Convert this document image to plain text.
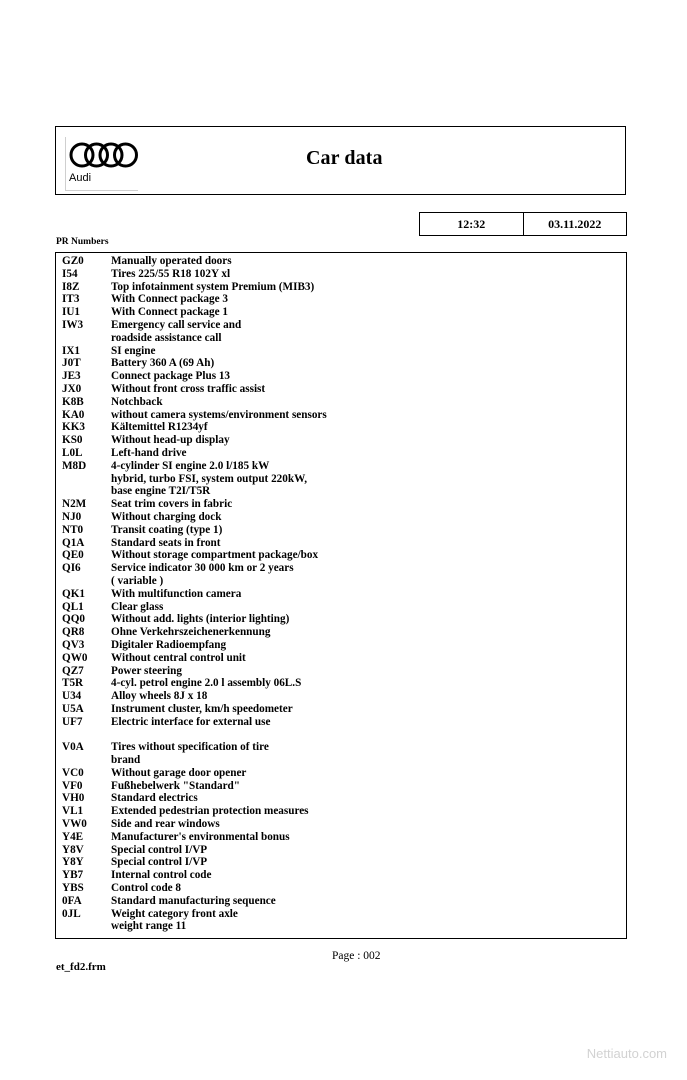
Audi
Car data
12:32	03.11.2022
PR Numbers
GZ0	Manually operated doors
I54	Tires 225/55 R18 102Y xl
I8Z	Top infotainment system Premium (MIB3)
IT3	With Connect package 3
IU1	With Connect package 1
IW3	Emergency call service and
roadside assistance call
IX1	SI engine
J0T	Battery 360 A (69 Ah)
JE3	Connect package Plus 13
JX0	Without front cross traffic assist
K8B	Notchback
KA0	without camera systems/environment sensors
KK3	Kältemittel R1234yf
KS0	Without head-up display
L0L	Left-hand drive
M8D	4-cylinder SI engine 2.0 l/185 kW
hybrid, turbo FSI, system output 220kW,
base engine T2I/T5R
N2M	Seat trim covers in fabric
NJ0	Without charging dock
NT0	Transit coating (type 1)
Q1A	Standard seats in front
QE0	Without storage compartment package/box
QI6	Service indicator 30 000 km or 2 years
( variable )
QK1	With multifunction camera
QL1	Clear glass
QQ0	Without add. lights (interior lighting)
QR8	Ohne Verkehrszeichenerkennung
QV3	Digitaler Radioempfang
QW0	Without central control unit
QZ7	Power steering
T5R	4-cyl. petrol engine 2.0 l assembly 06L.S
U34	Alloy wheels 8J x 18
U5A	Instrument cluster, km/h speedometer
UF7	Electric interface for external use

V0A	Tires without specification of tire
brand
VC0	Without garage door opener
VF0	Fußhebelwerk "Standard"
VH0	Standard electrics
VL1	Extended pedestrian protection measures
VW0	Side and rear windows
Y4E	Manufacturer's environmental bonus
Y8V	Special control I/VP
Y8Y	Special control I/VP
YB7	Internal control code
YBS	Control code 8
0FA	Standard manufacturing sequence
0JL	Weight category front axle
weight range 11
Page : 002
et_fd2.frm
Nettiauto.com
